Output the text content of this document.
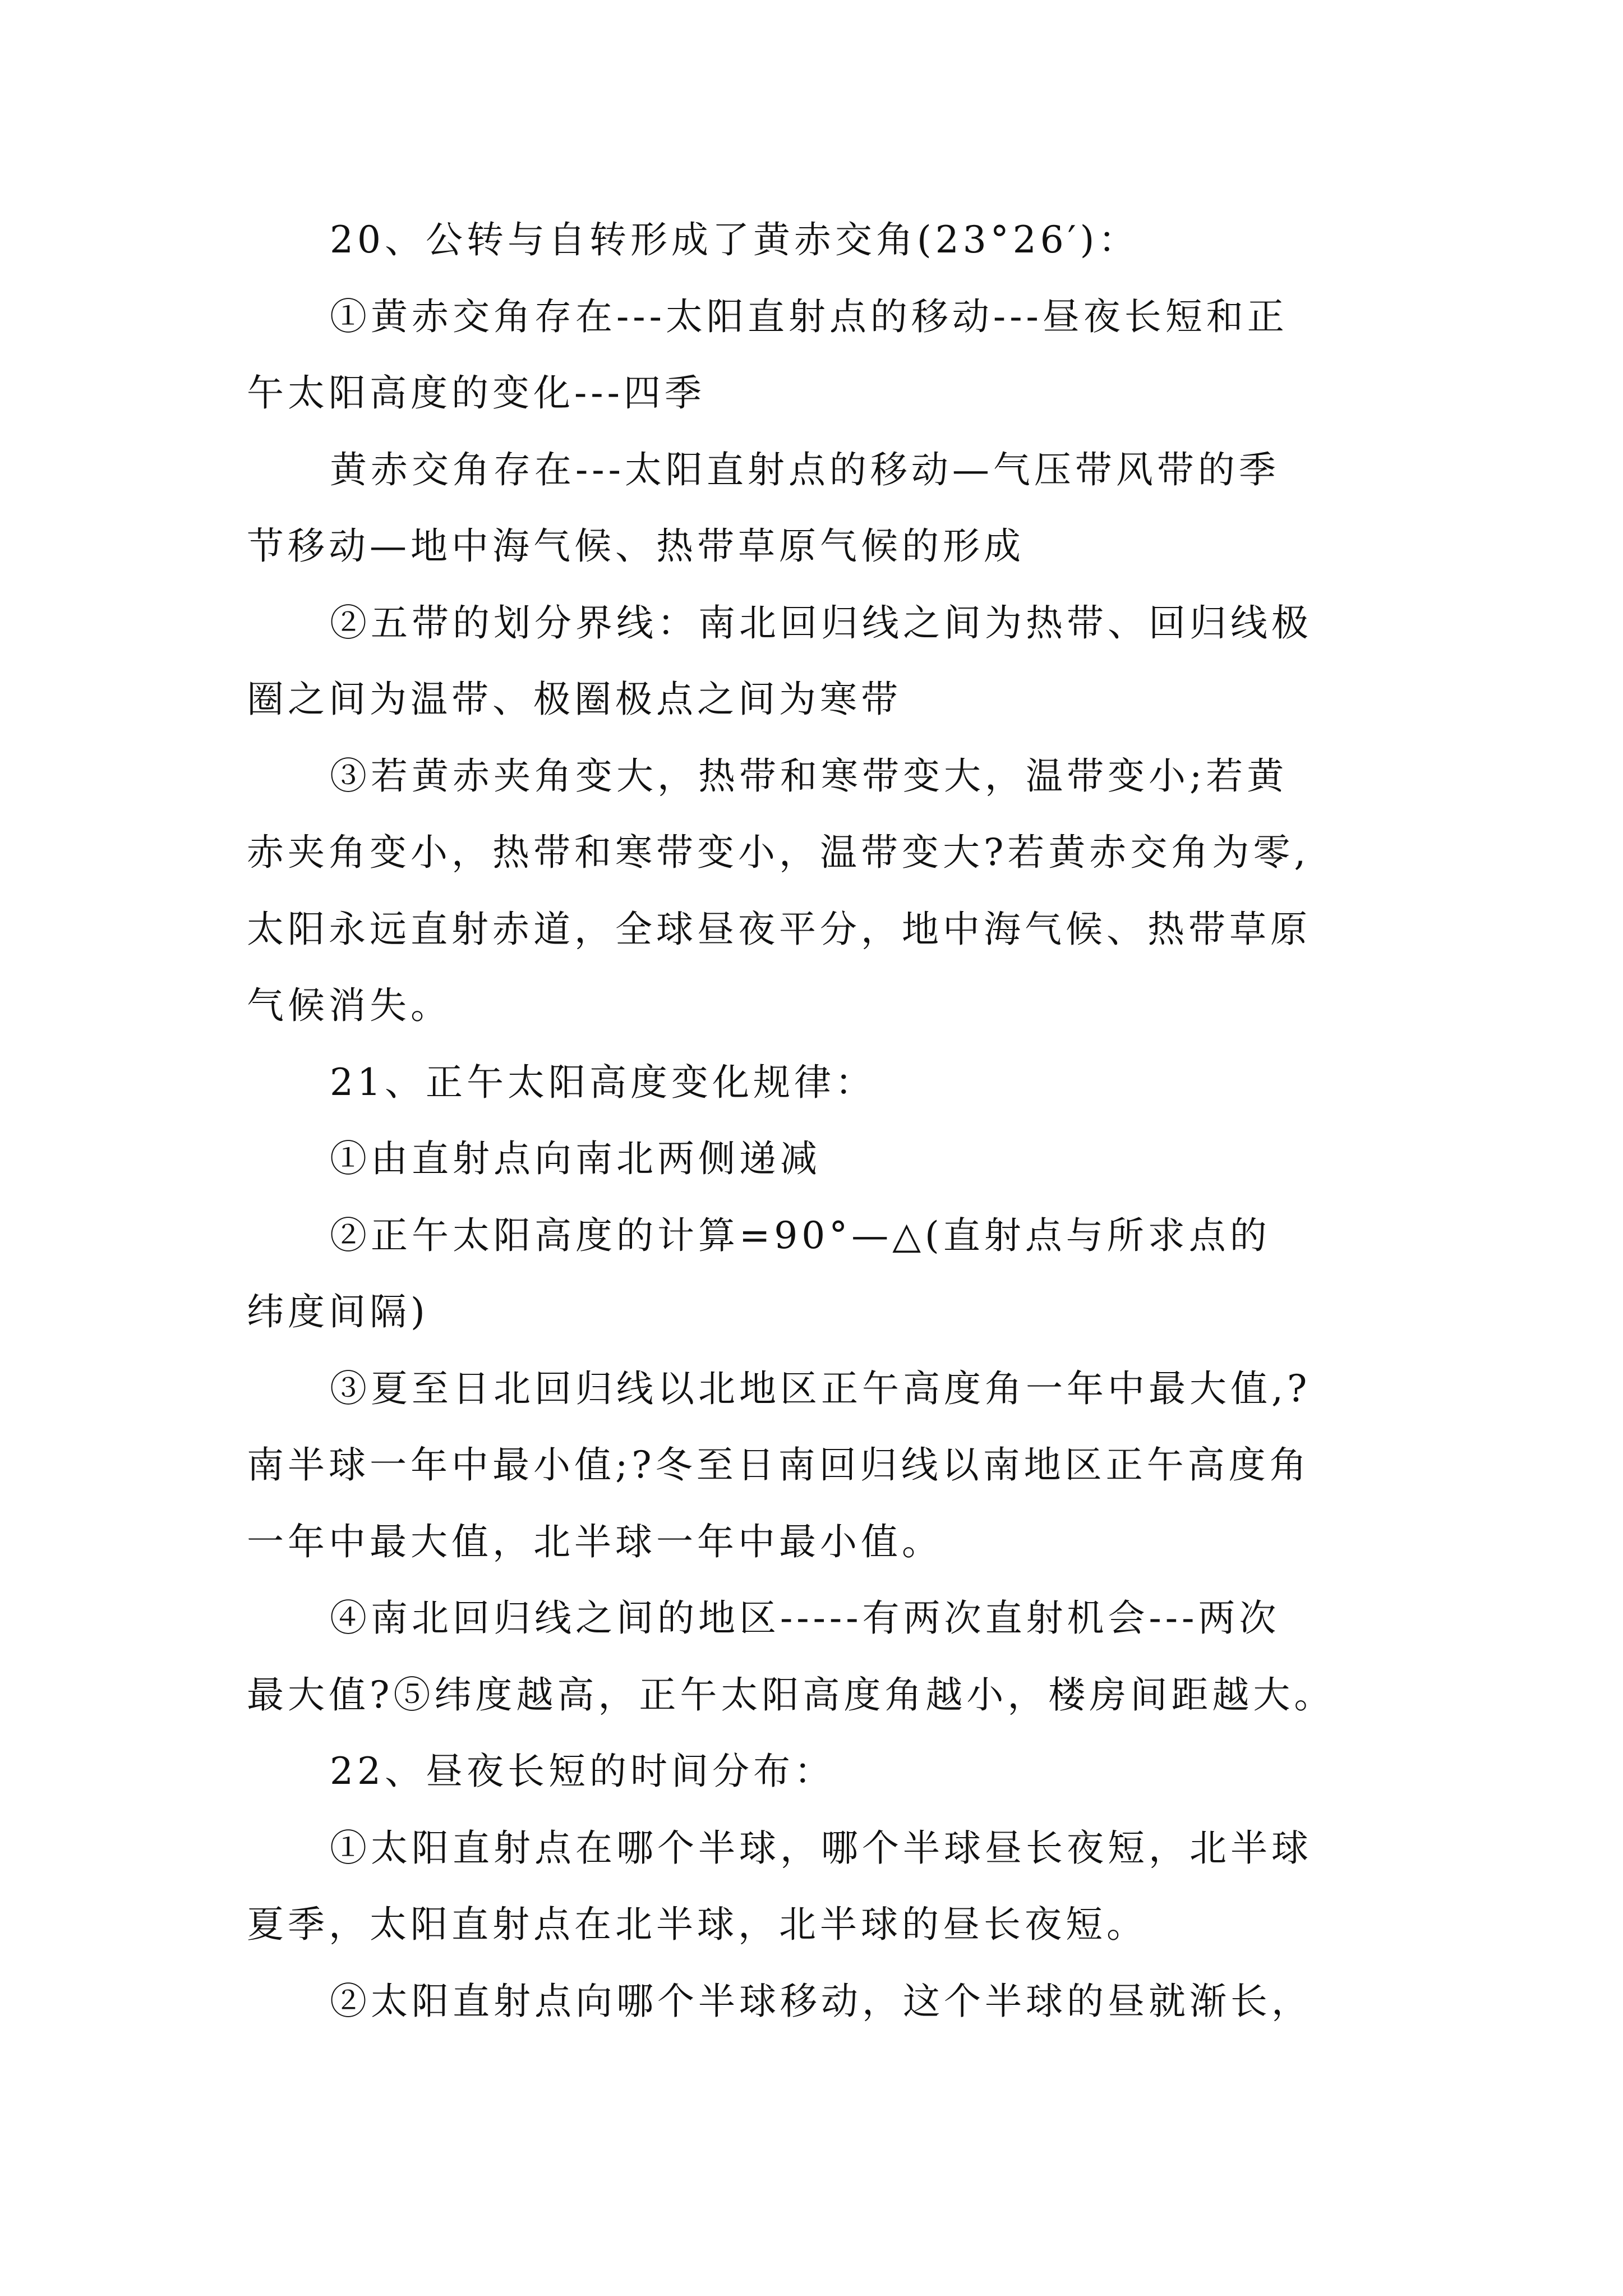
20、公转与自转形成了黄赤交角(23°26′)：
①黄赤交角存在---太阳直射点的移动---昼夜长短和正
午太阳高度的变化---四季
黄赤交角存在---太阳直射点的移动—气压带风带的季
节移动—地中海气候、热带草原气候的形成
②五带的划分界线：南北回归线之间为热带、回归线极
圈之间为温带、极圈极点之间为寒带
③若黄赤夹角变大，热带和寒带变大，温带变小;若黄
赤夹角变小，热带和寒带变小，温带变大?若黄赤交角为零,
太阳永远直射赤道，全球昼夜平分，地中海气候、热带草原
气候消失。
21、正午太阳高度变化规律：
①由直射点向南北两侧递减
②正午太阳高度的计算=90°—△(直射点与所求点的
纬度间隔)
③夏至日北回归线以北地区正午高度角一年中最大值,?
南半球一年中最小值;?冬至日南回归线以南地区正午高度角
一年中最大值，北半球一年中最小值。
④南北回归线之间的地区-----有两次直射机会---两次
最大值?⑤纬度越高，正午太阳高度角越小，楼房间距越大。
22、昼夜长短的时间分布：
①太阳直射点在哪个半球，哪个半球昼长夜短，北半球
夏季，太阳直射点在北半球，北半球的昼长夜短。
②太阳直射点向哪个半球移动，这个半球的昼就渐长，
